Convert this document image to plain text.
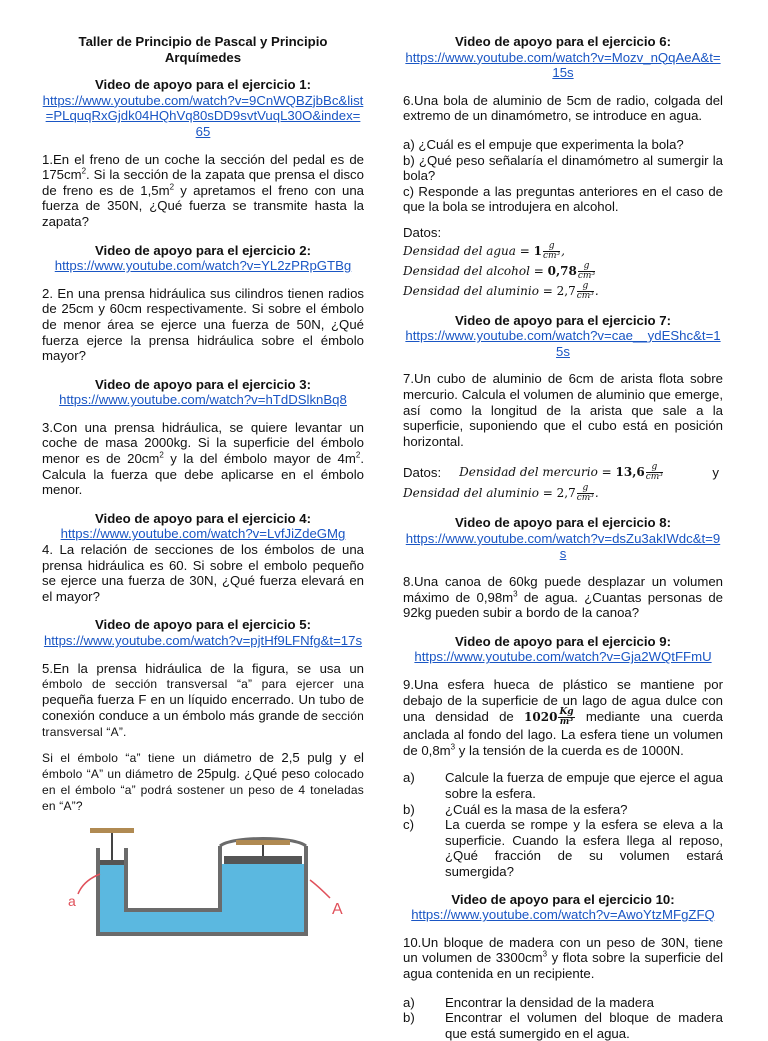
Taller de Principio de Pascal y Principio Arquímedes

Video de apoyo para el ejercicio 1:

https://www.youtube.com/watch?v=9CnWQBZjbBc&list=PLquqRxGjdk04HQhVq80sDD9svtVuqL30O&index=65

1.En el freno de un coche la sección del pedal es de $175cm^2$. Si la sección de la zapata que prensa el disco de freno es de $1,5m^2$ y apretamos el freno con una fuerza de 350N, ¿Qué fuerza se transmite hasta la zapata?

Video de apoyo para el ejercicio 2:

https://www.youtube.com/watch?v=YL2zPRpGTBg

2. En una prensa hidráulica sus cilindros tienen radios de 25cm y 60cm respectivamente. Si sobre el émbolo de menor área se ejerce una fuerza de 50N, ¿Qué fuerza ejerce la prensa hidráulica sobre el émbolo mayor?

Video de apoyo para el ejercicio 3:

https://www.youtube.com/watch?v=hTdDSlknBq8

3.Con una prensa hidráulica, se quiere levantar un coche de masa 2000kg. Si la superficie del émbolo menor es de $20cm^2$ y la del émbolo mayor de $4m^2$. Calcula la fuerza que debe aplicarse en el émbolo menor.

Video de apoyo para el ejercicio 4:

https://www.youtube.com/watch?v=LvfJiZdeGMg

4. La relación de secciones de los émbolos de una prensa hidráulica es 60. Si sobre el embolo pequeño se ejerce una fuerza de 30N, ¿Qué fuerza elevará en el mayor?

Video de apoyo para el ejercicio 5:

https://www.youtube.com/watch?v=pjtHf9LFNfg&t=17s

5.En la prensa hidráulica de la figura, se usa un émbolo de sección transversal “a” para ejercer una pequeña fuerza F en un líquido encerrado. Un tubo de conexión conduce a un émbolo más grande de sección transversal “A”.

Si el émbolo “a” tiene un diámetro de 2,5 pulg y el émbolo “A” un diámetro de 25pulg. ¿Qué peso colocado en el émbolo “a” podrá sostener un peso de 4 toneladas en “A”?

a	A

Video de apoyo para el ejercicio 6:

https://www.youtube.com/watch?v=Mozv_nQqAeA&t=15s

6.Una bola de aluminio de 5cm de radio, colgada del extremo de un dinamómetro, se introduce en agua.

a) ¿Cuál es el empuje que experimenta la bola?

b) ¿Qué peso señalaría el dinamómetro al sumergir la bola?

c) Responde a las preguntas anteriores en el caso de que la bola se introdujera en alcohol.

Datos:

Densidad del agua = $1 \frac{g}{\text{cm³}}$ ,

Densidad del alcohol = $0,78 \frac{g}{\text{cm³}}$

Densidad del aluminio = $2,7 \frac{g}{\text{cm³}}$ .

Video de apoyo para el ejercicio 7:

https://www.youtube.com/watch?v=cae__ydEShc&t=15s

7.Un cubo de aluminio de 6cm de arista flota sobre mercurio. Calcula el volumen de aluminio que emerge, así como la longitud de la arista que sale a la superficie, suponiendo que el cubo está en posición horizontal.

Datos: Densidad del mercurio = $13,6 \frac{g}{\text{cm³}}$	y

Densidad del aluminio = $2,7 \frac{g}{\text{cm³}}$ .

Video de apoyo para el ejercicio 8:

https://www.youtube.com/watch?v=dsZu3akIWdc&t=9s

8.Una canoa de 60kg puede desplazar un volumen máximo de $0,98m^3$ de agua. ¿Cuantas personas de 92kg pueden subir a bordo de la canoa?

Video de apoyo para el ejercicio 9:

https://www.youtube.com/watch?v=Gja2WQtFFmU

9.Una esfera hueca de plástico se mantiene por debajo de la superficie de un lago de agua dulce con una densidad de $1020 \frac{Kg}{\text{m³}}$ mediante una cuerda anclada al fondo del lago. La esfera tiene un volumen de $0,8m^3$ y la tensión de la cuerda es de 1000N.

a)	Calcule la fuerza de empuje que ejerce el agua sobre la esfera.
b)	¿Cuál es la masa de la esfera?
c)	La cuerda se rompe y la esfera se eleva a la superficie. Cuando la esfera llega al reposo, ¿Qué fracción de su volumen estará sumergida?

Video de apoyo para el ejercicio 10:

https://www.youtube.com/watch?v=AwoYtzMFgZFQ

10.Un bloque de madera con un peso de 30N, tiene un volumen de $3300cm^3$ y flota sobre la superficie del agua contenida en un recipiente.

a)	Encontrar la densidad de la madera
b)	Encontrar el volumen del bloque de madera que está sumergido en el agua.
